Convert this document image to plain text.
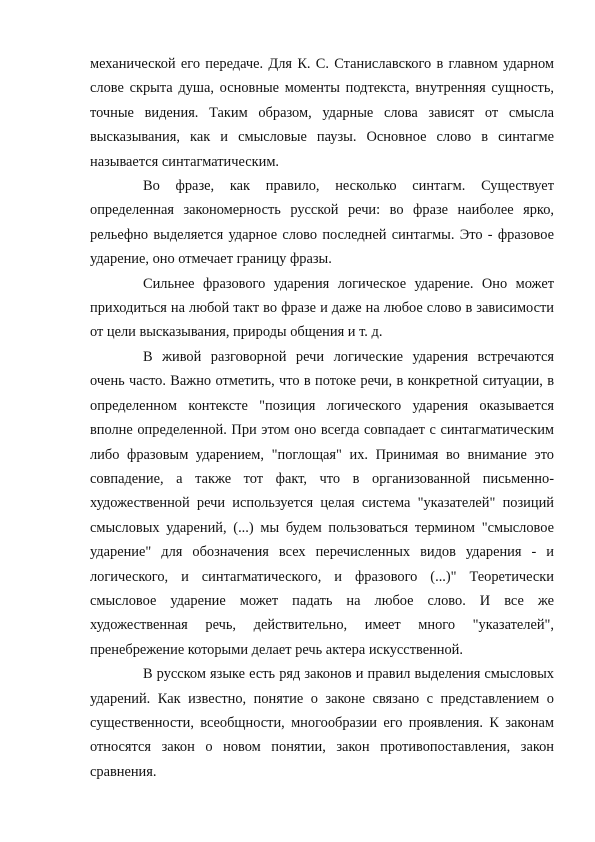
механической его передаче. Для К. С. Станиславского в главном ударном слове скрыта душа, основные моменты подтекста, внутренняя сущность, точные видения. Таким образом, ударные слова зависят от смысла высказывания, как и смысловые паузы. Основное слово в синтагме называется синтагматическим.

Во фразе, как правило, несколько синтагм. Существует определенная закономерность русской речи: во фразе наиболее ярко, рельефно выделяется ударное слово последней синтагмы. Это - фразовое ударение, оно отмечает границу фразы.

Сильнее фразового ударения логическое ударение. Оно может приходиться на любой такт во фразе и даже на любое слово в зависимости от цели высказывания, природы общения и т. д.

В живой разговорной речи логические ударения встречаются очень часто. Важно отметить, что в потоке речи, в конкретной ситуации, в определенном контексте "позиция логического ударения оказывается вполне определенной. При этом оно всегда совпадает с синтагматическим либо фразовым ударением, "поглощая" их. Принимая во внимание это совпадение, а также тот факт, что в организованной письменно-художественной речи используется целая система "указателей" позиций смысловых ударений, (...) мы будем пользоваться термином "смысловое ударение" для обозначения всех перечисленных видов ударения - и логического, и синтагматического, и фразового (...)" Теоретически смысловое ударение может падать на любое слово. И все же художественная речь, действительно, имеет много "указателей", пренебрежение которыми делает речь актера искусственной.

В русском языке есть ряд законов и правил выделения смысловых ударений. Как известно, понятие о законе связано с представлением о существенности, всеобщности, многообразии его проявления. К законам относятся закон о новом понятии, закон противопоставления, закон сравнения.
